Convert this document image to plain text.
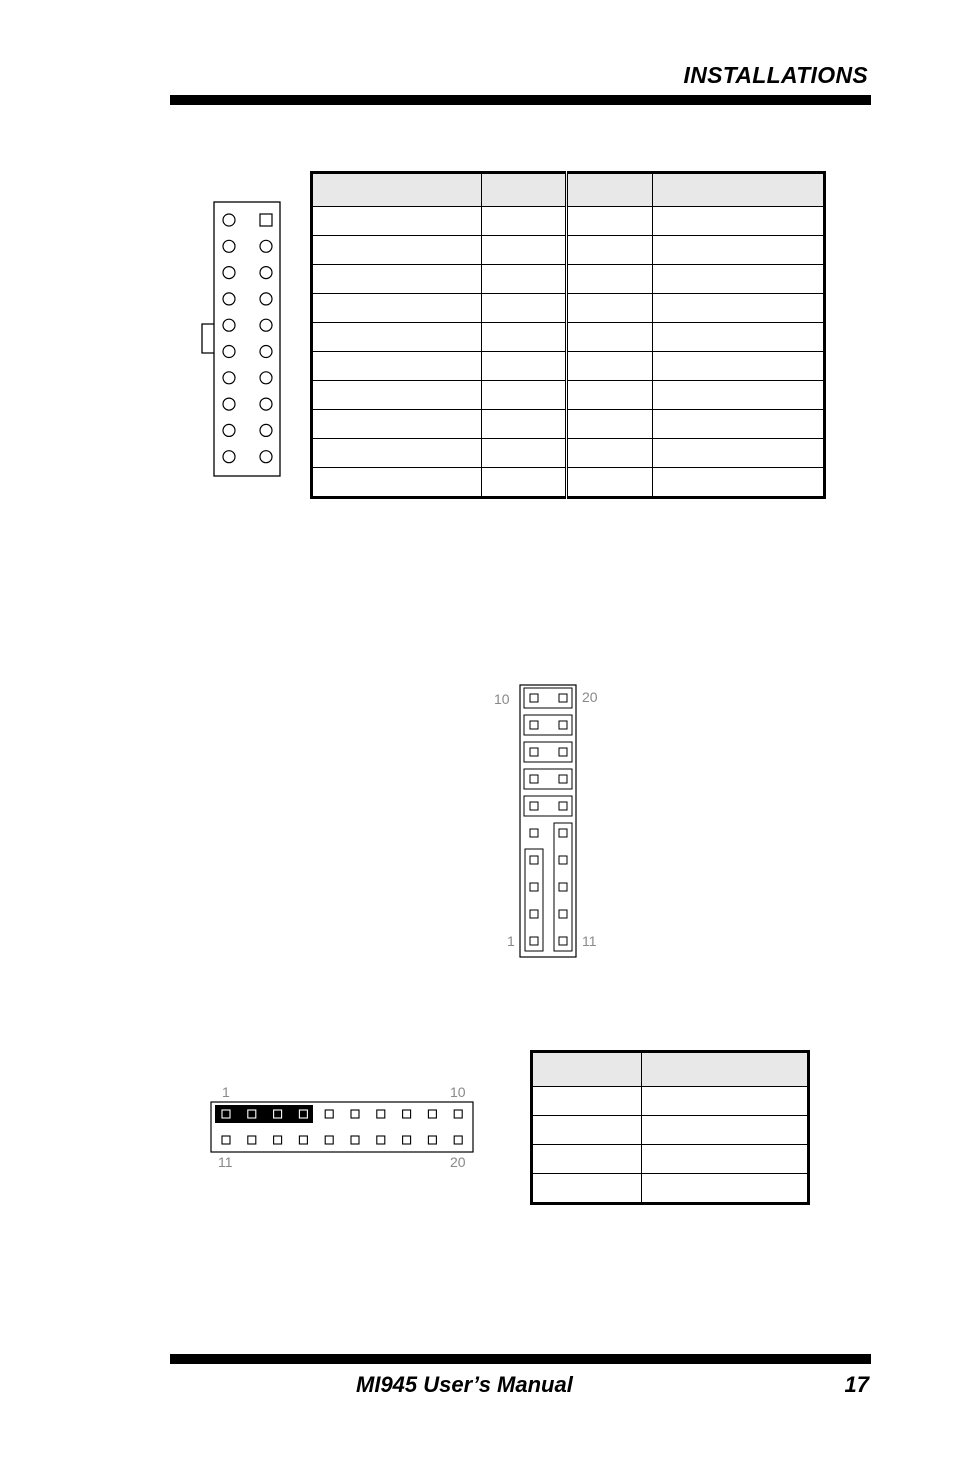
INSTALLATIONS

10	20
1	11
1	10
11	20

MI945 User’s Manual	17
